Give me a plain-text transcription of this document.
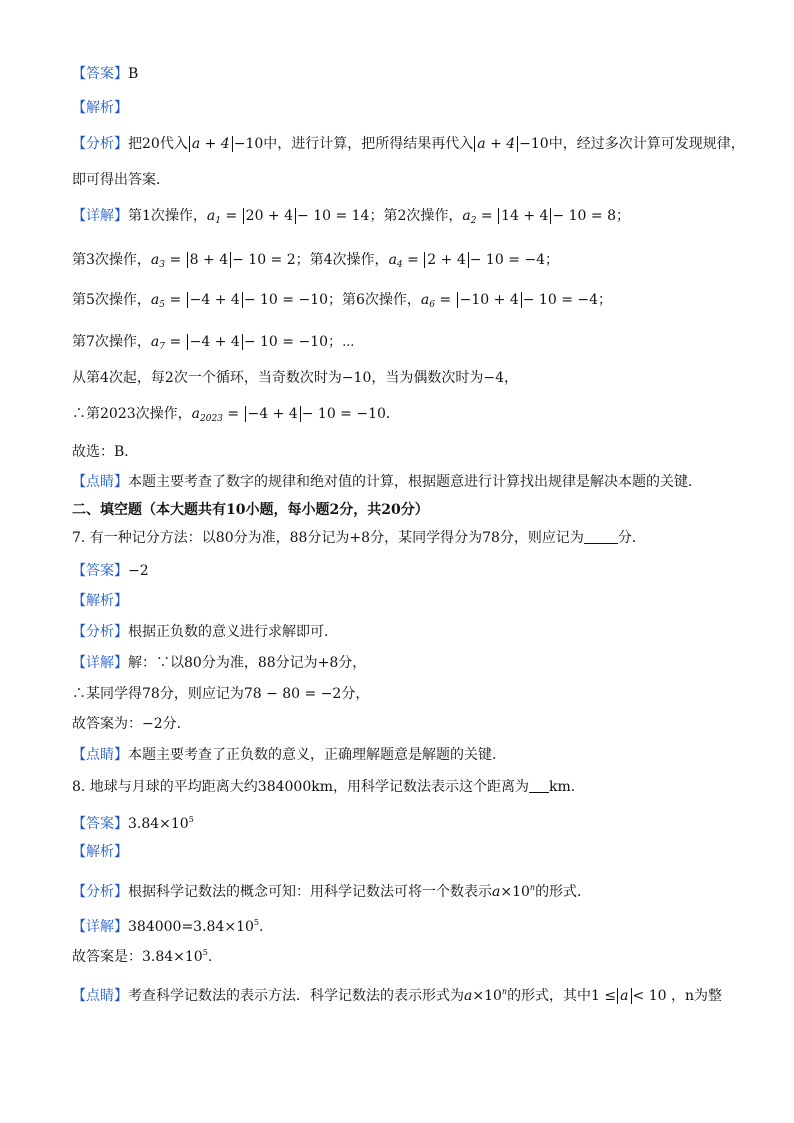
【答案】B
【解析】
【分析】把20代入 a + 4 −10中，进行计算，把所得结果再代入 a + 4 −10中，经过多次计算可发现规律，
即可得出答案．
【详解】第1次操作，$a_1 = 20 + 4 - 10 = 14$；第2次操作，$a_2 = 14 + 4 - 10 = 8$；
第3次操作，$a_3 = 8 + 4 - 10 = 2$；第4次操作，$a_4 = 2 + 4 - 10 = -4$；
第5次操作，$a_5 = -4 + 4 - 10 = -10$；第6次操作，$a_6 = -10 + 4 - 10 = -4$；
第7次操作，$a_7 = -4 + 4 - 10 = -10$；⋯
从第4次起，每2次一个循环，当奇数次时为−10，当为偶数次时为−4，
∴第2023次操作，$a_{2023} = -4 + 4 - 10 = -10$．
故选：B．
【点睛】本题主要考查了数字的规律和绝对值的计算，根据题意进行计算找出规律是解决本题的关键．
二、填空题（本大题共有10小题，每小题2分，共20分）
7. 有一种记分方法：以80分为准，88分记为+8分，某同学得分为78分，则应记为 分．
【答案】−2
【解析】
【分析】根据正负数的意义进行求解即可．
【详解】解：∵以80分为准，88分记为+8分，
∴某同学得78分，则应记为78 − 80 = −2分，
故答案为：−2分．
【点睛】本题主要考查了正负数的意义，正确理解题意是解题的关键．
8. 地球与月球的平均距离大约384000km，用科学记数法表示这个距离为 km.
【答案】$3.84\times 10^5$
【解析】
【分析】根据科学记数法的概念可知：用科学记数法可将一个数表示$a\times 10^n$的形式．
【详解】$384000=3.84\times 10^5$.
故答案是：$3.84\times 10^5$.
【点睛】考查科学记数法的表示方法．科学记数法的表示形式为$a\times 10^n$的形式，其中1 ≤ a < 10 ，n为整
